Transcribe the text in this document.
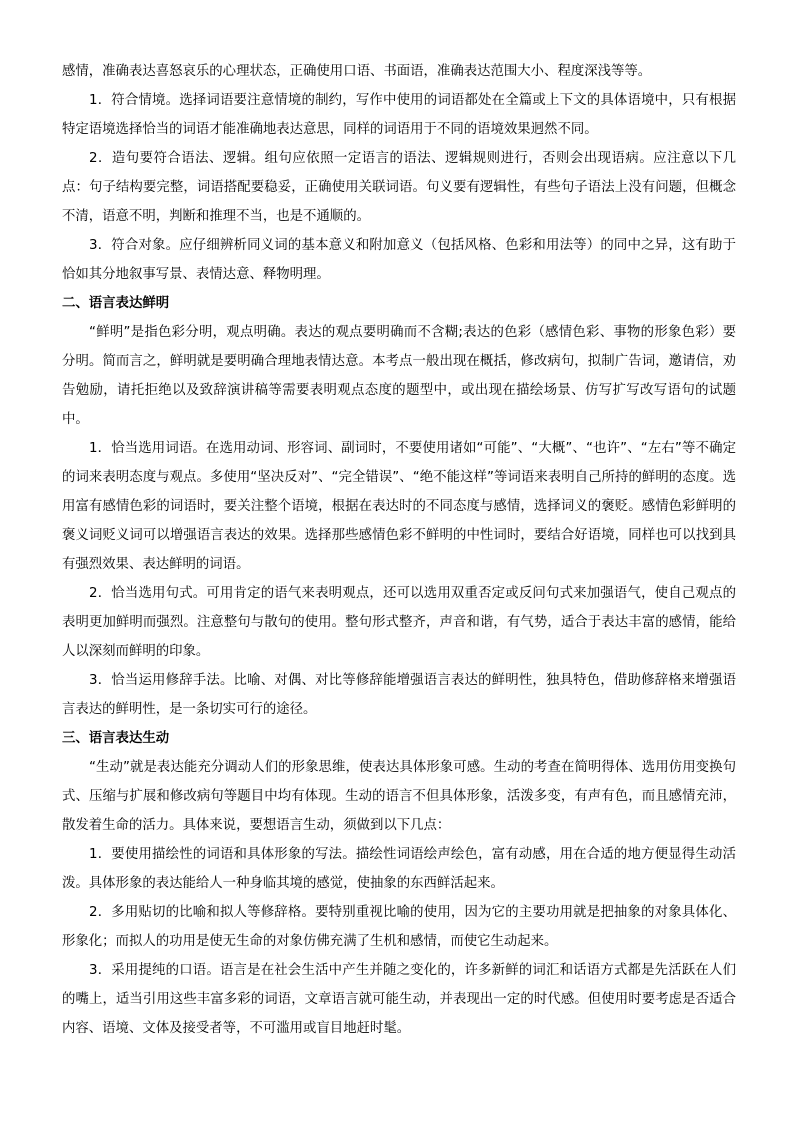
感情，准确表达喜怒哀乐的心理状态，正确使用口语、书面语，准确表达范围大小、程度深浅等等。

1．符合情境。选择词语要注意情境的制约，写作中使用的词语都处在全篇或上下文的具体语境中，只有根据特定语境选择恰当的词语才能准确地表达意思，同样的词语用于不同的语境效果迥然不同。

2．造句要符合语法、逻辑。组句应依照一定语言的语法、逻辑规则进行，否则会出现语病。应注意以下几点：句子结构要完整，词语搭配要稳妥，正确使用关联词语。句义要有逻辑性，有些句子语法上没有问题，但概念不清，语意不明，判断和推理不当，也是不通顺的。

3．符合对象。应仔细辨析同义词的基本意义和附加意义（包括风格、色彩和用法等）的同中之异，这有助于恰如其分地叙事写景、表情达意、释物明理。

二、语言表达鲜明

“鲜明”是指色彩分明，观点明确。表达的观点要明确而不含糊;表达的色彩（感情色彩、事物的形象色彩）要分明。简而言之，鲜明就是要明确合理地表情达意。本考点一般出现在概括，修改病句，拟制广告词，邀请信，劝告勉励，请托拒绝以及致辞演讲稿等需要表明观点态度的题型中，或出现在描绘场景、仿写扩写改写语句的试题中。

1．恰当选用词语。在选用动词、形容词、副词时，不要使用诸如“可能”、“大概”、“也许”、“左右”等不确定的词来表明态度与观点。多使用“坚决反对”、“完全错误”、“绝不能这样”等词语来表明自己所持的鲜明的态度。选用富有感情色彩的词语时，要关注整个语境，根据在表达时的不同态度与感情，选择词义的褒贬。感情色彩鲜明的褒义词贬义词可以增强语言表达的效果。选择那些感情色彩不鲜明的中性词时，要结合好语境，同样也可以找到具有强烈效果、表达鲜明的词语。

2．恰当选用句式。可用肯定的语气来表明观点，还可以选用双重否定或反问句式来加强语气，使自己观点的表明更加鲜明而强烈。注意整句与散句的使用。整句形式整齐，声音和谐，有气势，适合于表达丰富的感情，能给人以深刻而鲜明的印象。

3．恰当运用修辞手法。比喻、对偶、对比等修辞能增强语言表达的鲜明性，独具特色，借助修辞格来增强语言表达的鲜明性，是一条切实可行的途径。

三、语言表达生动

“生动”就是表达能充分调动人们的形象思维，使表达具体形象可感。生动的考查在简明得体、选用仿用变换句式、压缩与扩展和修改病句等题目中均有体现。生动的语言不但具体形象，活泼多变，有声有色，而且感情充沛，散发着生命的活力。具体来说，要想语言生动，须做到以下几点：

1．要使用描绘性的词语和具体形象的写法。描绘性词语绘声绘色，富有动感，用在合适的地方便显得生动活泼。具体形象的表达能给人一种身临其境的感觉，使抽象的东西鲜活起来。

2．多用贴切的比喻和拟人等修辞格。要特别重视比喻的使用，因为它的主要功用就是把抽象的对象具体化、形象化；而拟人的功用是使无生命的对象仿佛充满了生机和感情，而使它生动起来。

3．采用提纯的口语。语言是在社会生活中产生并随之变化的，许多新鲜的词汇和话语方式都是先活跃在人们的嘴上，适当引用这些丰富多彩的词语，文章语言就可能生动，并表现出一定的时代感。但使用时要考虑是否适合内容、语境、文体及接受者等，不可滥用或盲目地赶时髦。
